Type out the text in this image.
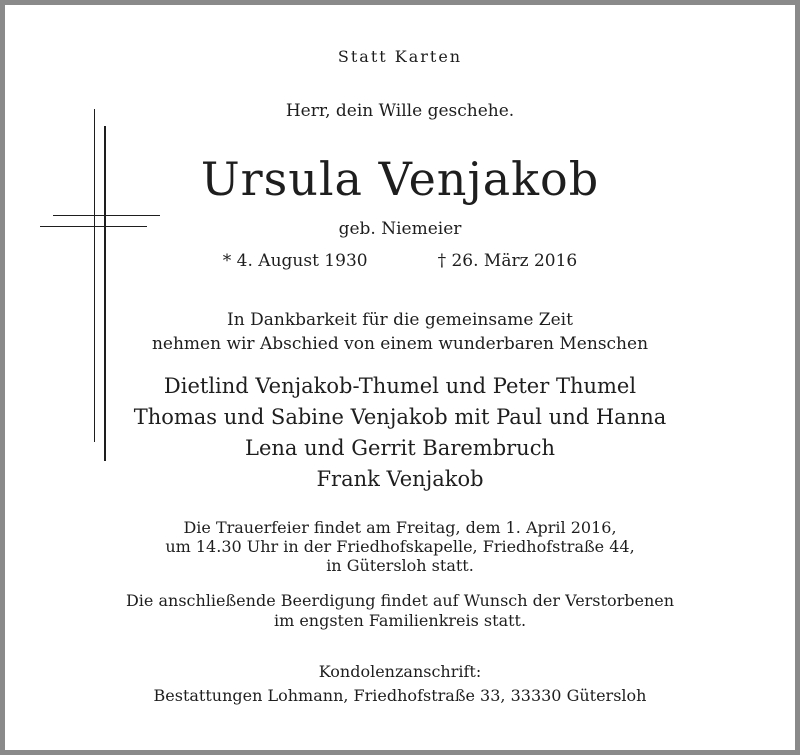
Statt Karten
Herr, dein Wille geschehe.
Ursula Venjakob
geb. Niemeier
* 4. August 1930	† 26. März 2016
In Dankbarkeit für die gemeinsame Zeit
nehmen wir Abschied von einem wunderbaren Menschen
Dietlind Venjakob-Thumel und Peter Thumel
Thomas und Sabine Venjakob mit Paul und Hanna
Lena und Gerrit Barembruch
Frank Venjakob
Die Trauerfeier findet am Freitag, dem 1. April 2016,
um 14.30 Uhr in der Friedhofskapelle, Friedhofstraße 44,
in Gütersloh statt.
Die anschließende Beerdigung findet auf Wunsch der Verstorbenen
im engsten Familienkreis statt.
Kondolenzanschrift:
Bestattungen Lohmann, Friedhofstraße 33, 33330 Gütersloh
